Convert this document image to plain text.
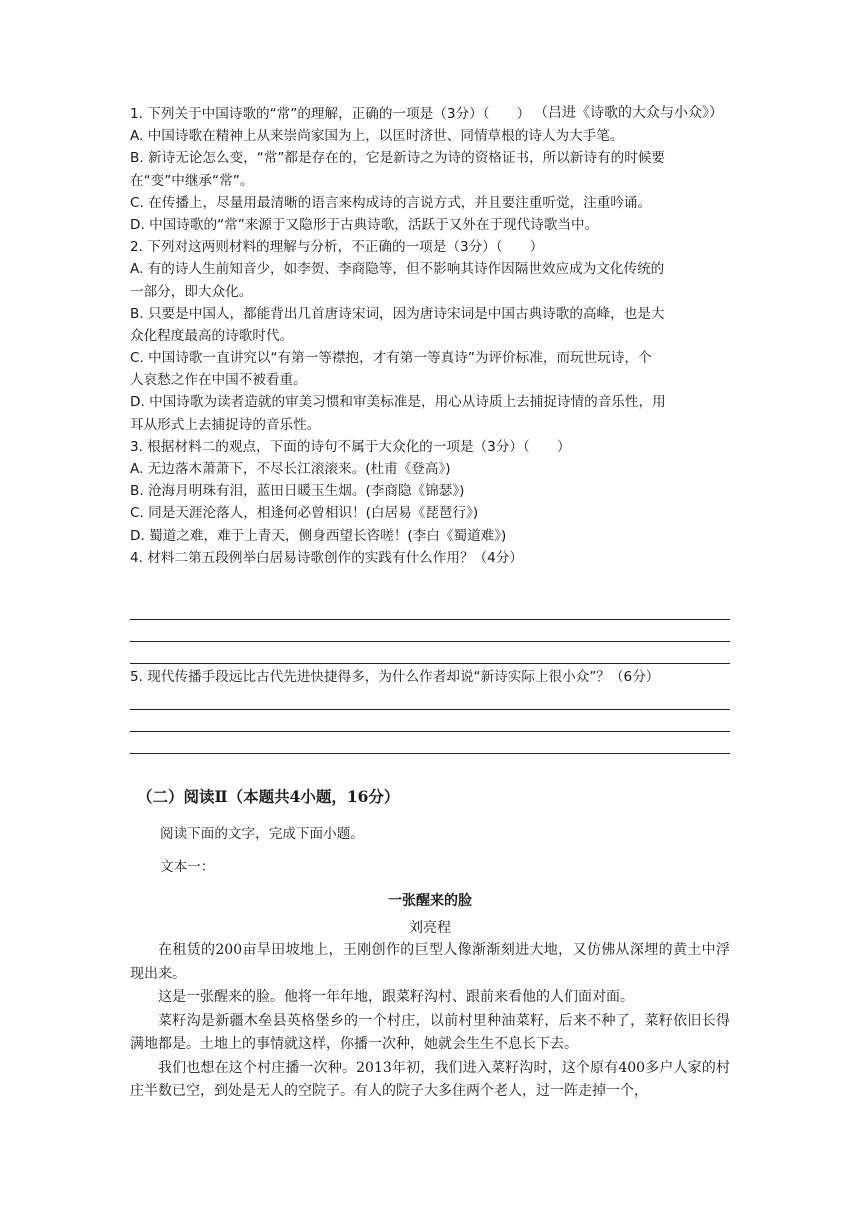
（吕进《诗歌的大众与小众》）
1. 下列关于中国诗歌的“常”的理解，正确的一项是（3分）（　　）
A. 中国诗歌在精神上从来崇尚家国为上，以匡时济世、同情草根的诗人为大手笔。
B. 新诗无论怎么变，“常”都是存在的，它是新诗之为诗的资格证书，所以新诗有的时候要
在“变”中继承“常”。
C. 在传播上，尽量用最清晰的语言来构成诗的言说方式，并且要注重听觉，注重吟诵。
D. 中国诗歌的“常”来源于又隐形于古典诗歌，活跃于又外在于现代诗歌当中。
2. 下列对这两则材料的理解与分析，不正确的一项是（3分）（　　）
A. 有的诗人生前知音少，如李贺、李商隐等，但不影响其诗作因隔世效应成为文化传统的
一部分，即大众化。
B. 只要是中国人，都能背出几首唐诗宋词，因为唐诗宋词是中国古典诗歌的高峰，也是大
众化程度最高的诗歌时代。
C. 中国诗歌一直讲究以“有第一等襟抱，才有第一等真诗”为评价标准，而玩世玩诗，个
人哀愁之作在中国不被看重。
D. 中国诗歌为读者造就的审美习惯和审美标准是，用心从诗质上去捕捉诗情的音乐性，用
耳从形式上去捕捉诗的音乐性。
3. 根据材料二的观点，下面的诗句不属于大众化的一项是（3分）（　　）
A. 无边落木萧萧下，不尽长江滚滚来。(杜甫《登高》)
B. 沧海月明珠有泪，蓝田日暖玉生烟。(李商隐《锦瑟》)
C. 同是天涯沦落人，相逢何必曾相识！(白居易《琵琶行》)
D. 蜀道之难，难于上青天，侧身西望长咨嗟！(李白《蜀道难》)
4. 材料二第五段例举白居易诗歌创作的实践有什么作用？（4分）
5. 现代传播手段远比古代先进快捷得多，为什么作者却说“新诗实际上很小众”？（6分）
（二）阅读Ⅱ（本题共4小题，16分）
阅读下面的文字，完成下面小题。
文本一：
一张醒来的脸
刘亮程

在租赁的200亩旱田坡地上，王刚创作的巨型人像渐渐刻进大地，又仿佛从深埋的黄土中浮现出来。

这是一张醒来的脸。他将一年年地，跟菜籽沟村、跟前来看他的人们面对面。

菜籽沟是新疆木垒县英格堡乡的一个村庄，以前村里种油菜籽，后来不种了，菜籽依旧长得满地都是。土地上的事情就这样，你播一次种，她就会生生不息长下去。

我们也想在这个村庄播一次种。2013年初，我们进入菜籽沟时，这个原有400多户人家的村庄半数已空，到处是无人的空院子。有人的院子大多住两个老人，过一阵走掉一个，
